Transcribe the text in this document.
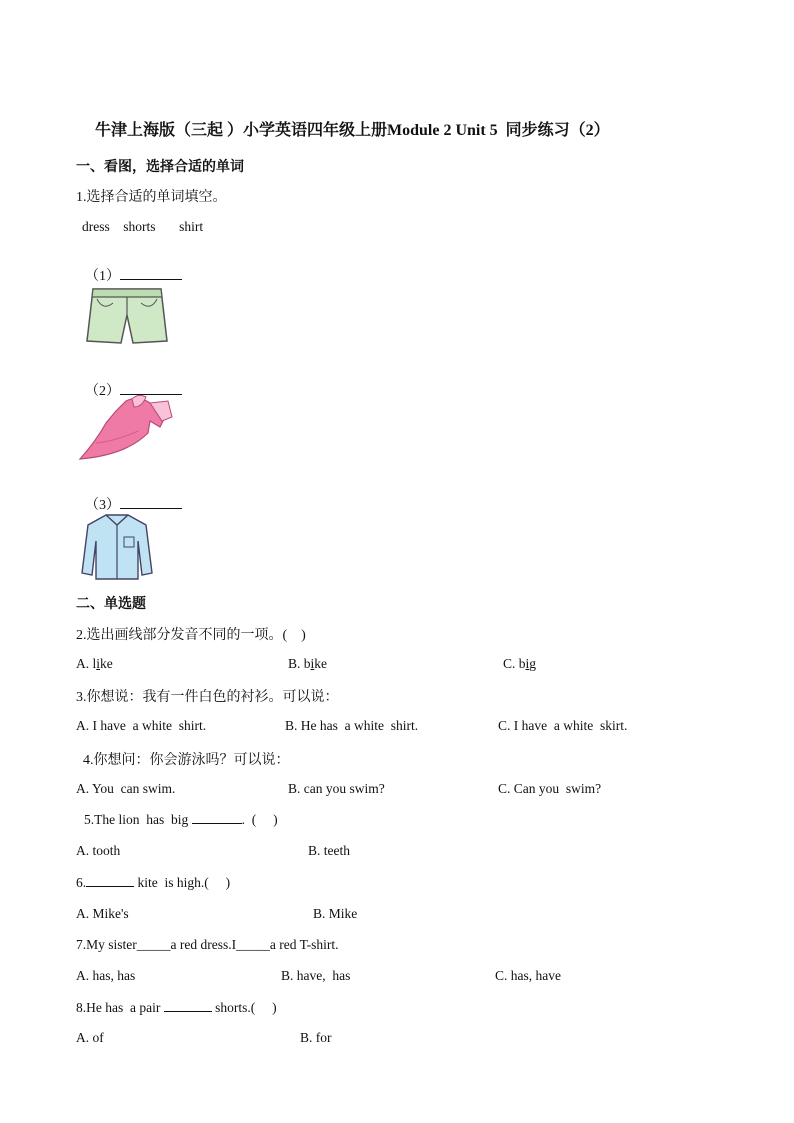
牛津上海版（三起 ）小学英语四年级上册Module 2 Unit 5  同步练习（2）
一、看图，选择合适的单词
1.选择合适的单词填空。
dress    shorts       shirt

（1）

（2）

（3）

二、单选题
2.选出画线部分发音不同的一项。(    )
A. like	B. bike	C. big
3.你想说：我有一件白色的衬衫。可以说：
A. I have  a white  shirt.	B. He has  a white  shirt.	C. I have  a white  skirt.
4.你想问：你会游泳吗？可以说：
A. You  can swim.	B. can you swim?	C. Can you  swim?
5.The lion  has  big	.  (     )
A. tooth	B. teeth
6.	kite  is high.(     )
A. Mike's	B. Mike
7.My sister_____a red dress.I_____a red T-shirt.
A. has, has	B. have,  has	C. has, have
8.He has  a pair	shorts.(     )
A. of	B. for
